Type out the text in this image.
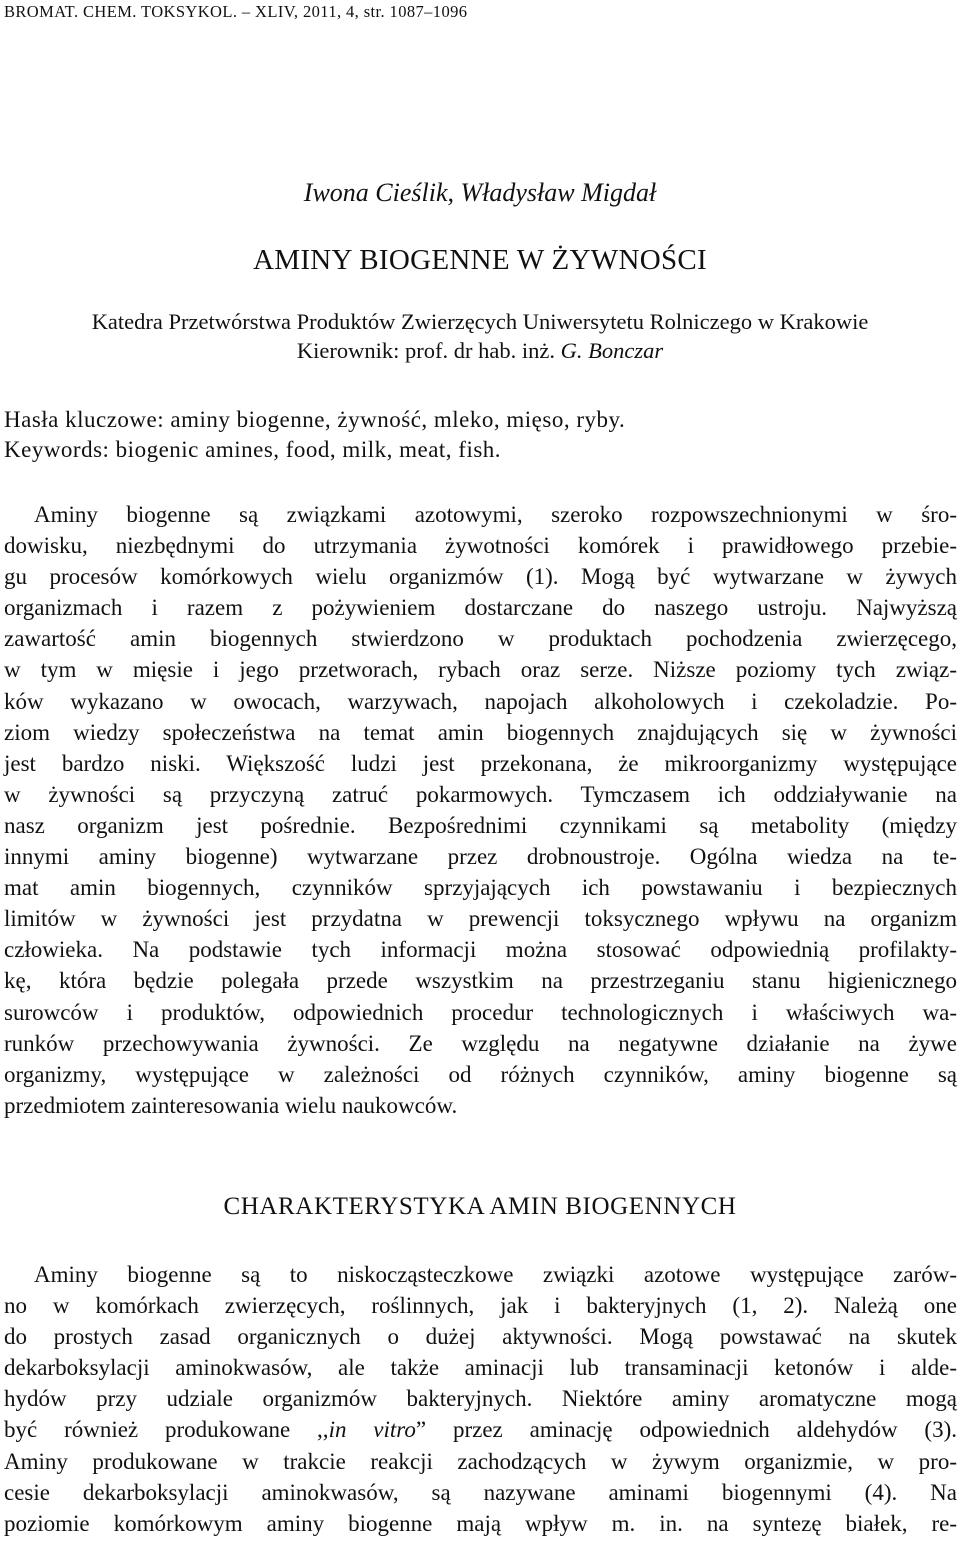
BROMAT. CHEM. TOKSYKOL. – XLIV, 2011, 4, str. 1087–1096
Iwona Cieślik, Władysław Migdał
AMINY BIOGENNE W ŻYWNOŚCI
Katedra Przetwórstwa Produktów Zwierzęcych Uniwersytetu Rolniczego w Krakowie
Kierownik: prof. dr hab. inż. G. Bonczar
Hasła kluczowe: aminy biogenne, żywność, mleko, mięso, ryby.
Keywords: biogenic amines, food, milk, meat, fish.

Aminy biogenne są związkami azotowymi, szeroko rozpowszechnionymi w śro-
dowisku, niezbędnymi do utrzymania żywotności komórek i prawidłowego przebie-
gu procesów komórkowych wielu organizmów (1). Mogą być wytwarzane w żywych
organizmach i razem z pożywieniem dostarczane do naszego ustroju. Najwyższą
zawartość amin biogennych stwierdzono w produktach pochodzenia zwierzęcego,
w tym w mięsie i jego przetworach, rybach oraz serze. Niższe poziomy tych związ-
ków wykazano w owocach, warzywach, napojach alkoholowych i czekoladzie. Po-
ziom wiedzy społeczeństwa na temat amin biogennych znajdujących się w żywności
jest bardzo niski. Większość ludzi jest przekonana, że mikroorganizmy występujące
w żywności są przyczyną zatruć pokarmowych. Tymczasem ich oddziaływanie na
nasz organizm jest pośrednie. Bezpośrednimi czynnikami są metabolity (między
innymi aminy biogenne) wytwarzane przez drobnoustroje. Ogólna wiedza na te-
mat amin biogennych, czynników sprzyjających ich powstawaniu i bezpiecznych
limitów w żywności jest przydatna w prewencji toksycznego wpływu na organizm
człowieka. Na podstawie tych informacji można stosować odpowiednią profilakty-
kę, która będzie polegała przede wszystkim na przestrzeganiu stanu higienicznego
surowców i produktów, odpowiednich procedur technologicznych i właściwych wa-
runków przechowywania żywności. Ze względu na negatywne działanie na żywe
organizmy, występujące w zależności od różnych czynników, aminy biogenne są
przedmiotem zainteresowania wielu naukowców.

CHARAKTERYSTYKA AMIN BIOGENNYCH

Aminy biogenne są to niskocząsteczkowe związki azotowe występujące zarów-
no w komórkach zwierzęcych, roślinnych, jak i bakteryjnych (1, 2). Należą one
do prostych zasad organicznych o dużej aktywności. Mogą powstawać na skutek
dekarboksylacji aminokwasów, ale także aminacji lub transaminacji ketonów i alde-
hydów przy udziale organizmów bakteryjnych. Niektóre aminy aromatyczne mogą
być również produkowane ,,in vitro” przez aminację odpowiednich aldehydów (3).
Aminy produkowane w trakcie reakcji zachodzących w żywym organizmie, w pro-
cesie dekarboksylacji aminokwasów, są nazywane aminami biogennymi (4). Na
poziomie komórkowym aminy biogenne mają wpływ m. in. na syntezę białek, re-
